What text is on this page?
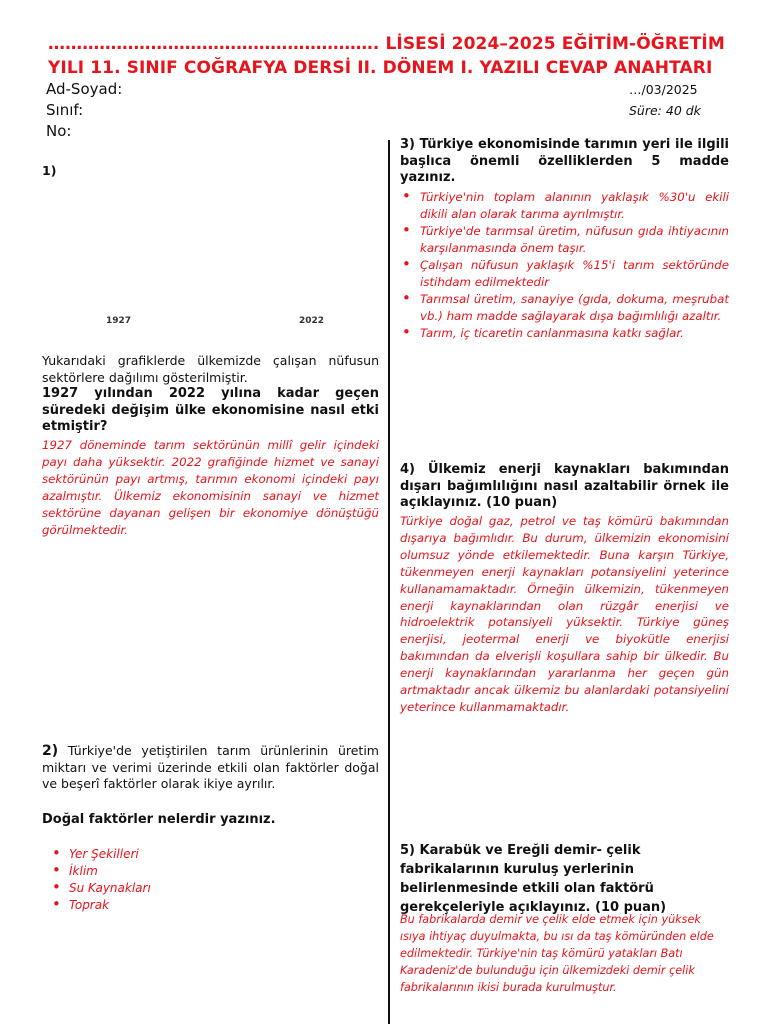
…………………………………………………. LİSESİ 2024–2025 EĞİTİM-ÖĞRETİM
YILI 11. SINIF COĞRAFYA DERSİ II. DÖNEM I. YAZILI CEVAP ANAHTARI
Ad-Soyad:
Sınıf:
No:
…/03/2025
Süre: 40 dk
1)
1927	2022
Yukarıdaki grafiklerde ülkemizde çalışan nüfusun sektörlere dağılımı gösterilmiştir.
1927 yılından 2022 yılına kadar geçen süredeki değişim ülke ekonomisine nasıl etki etmiştir?
1927 döneminde tarım sektörünün millî gelir içindeki payı daha yüksektir. 2022 grafiğinde hizmet ve sanayi sektörünün payı artmış, tarımın ekonomi içindeki payı azalmıştır. Ülkemiz ekonomisinin sanayi ve hizmet sektörüne dayanan gelişen bir ekonomiye dönüştüğü görülmektedir.
2) Türkiye'de yetiştirilen tarım ürünlerinin üretim miktarı ve verimi üzerinde etkili olan faktörler doğal ve beşerî faktörler olarak ikiye ayrılır.
Doğal faktörler nelerdir yazınız.
• Yer Şekilleri
• İklim
• Su Kaynakları
• Toprak
3) Türkiye ekonomisinde tarımın yeri ile ilgili başlıca önemli özelliklerden 5 madde yazınız.
• Türkiye'nin toplam alanının yaklaşık %30'u ekili dikili alan olarak tarıma ayrılmıştır.
• Türkiye'de tarımsal üretim, nüfusun gıda ihtiyacının karşılanmasında önem taşır.
• Çalışan nüfusun yaklaşık %15'i tarım sektöründe istihdam edilmektedir
• Tarımsal üretim, sanayiye (gıda, dokuma, meşrubat vb.) ham madde sağlayarak dışa bağımlılığı azaltır.
• Tarım, iç ticaretin canlanmasına katkı sağlar.
4) Ülkemiz enerji kaynakları bakımından dışarı bağımlılığını nasıl azaltabilir örnek ile açıklayınız. (10 puan)
Türkiye doğal gaz, petrol ve taş kömürü bakımından dışarıya bağımlıdır. Bu durum, ülkemizin ekonomisini olumsuz yönde etkilemektedir. Buna karşın Türkiye, tükenmeyen enerji kaynakları potansiyelini yeterince kullanamamaktadır. Örneğin ülkemizin, tükenmeyen enerji kaynaklarından olan rüzgâr enerjisi ve hidroelektrik potansiyeli yüksektir. Türkiye güneş enerjisi, jeotermal enerji ve biyokütle enerjisi bakımından da elverişli koşullara sahip bir ülkedir. Bu enerji kaynaklarından yararlanma her geçen gün artmaktadır ancak ülkemiz bu alanlardaki potansiyelini yeterince kullanmamaktadır.
5) Karabük ve Ereğli demir- çelik fabrikalarının kuruluş yerlerinin belirlenmesinde etkili olan faktörü gerekçeleriyle açıklayınız. (10 puan)
Bu fabrikalarda demir ve çelik elde etmek için yüksek ısıya ihtiyaç duyulmakta, bu ısı da taş kömüründen elde edilmektedir. Türkiye'nin taş kömürü yatakları Batı Karadeniz'de bulunduğu için ülkemizdeki demir çelik fabrikalarının ikisi burada kurulmuştur.
